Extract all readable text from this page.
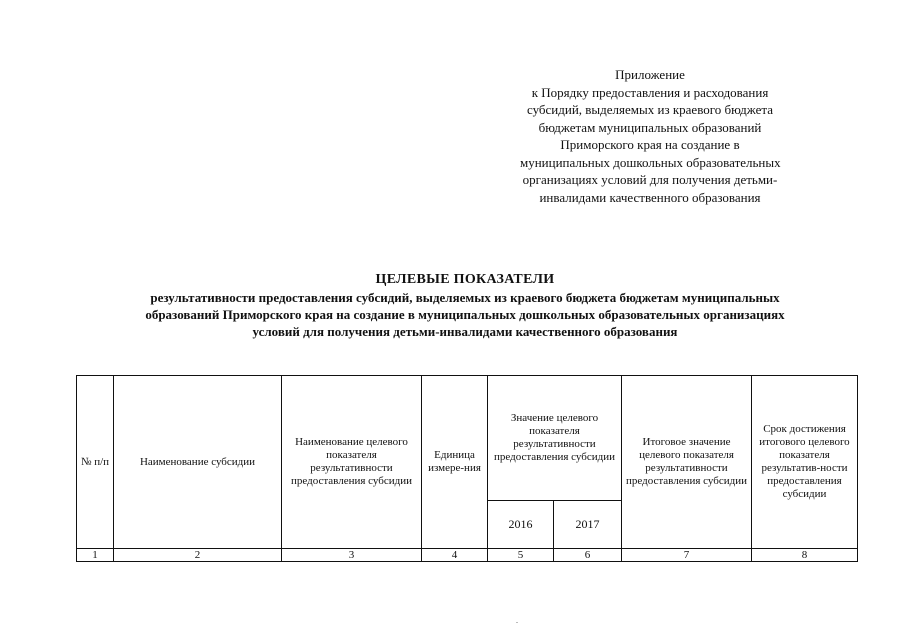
Приложение
к Порядку предоставления и расходования
субсидий, выделяемых из краевого бюджета
бюджетам муниципальных образований
Приморского края на создание в
муниципальных дошкольных образовательных
организациях условий для получения детьми-
инвалидами качественного образования
ЦЕЛЕВЫЕ ПОКАЗАТЕЛИ
результативности предоставления субсидий, выделяемых из краевого бюджета бюджетам муниципальных
образований Приморского края на создание в муниципальных дошкольных образовательных организациях
условий для получения детьми-инвалидами качественного образования
№ п/п	Наименование субсидии	Наименование целевого показателя результативности предоставления субсидии	Единица измере-ния	Значение целевого показателя результативности предоставления субсидии		Итоговое значение целевого показателя результативности предоставления субсидии	Срок достижения итогового целевого показателя результатив-ности предоставления субсидии
				2016	2017		
1	2	3	4	5	6	7	8
